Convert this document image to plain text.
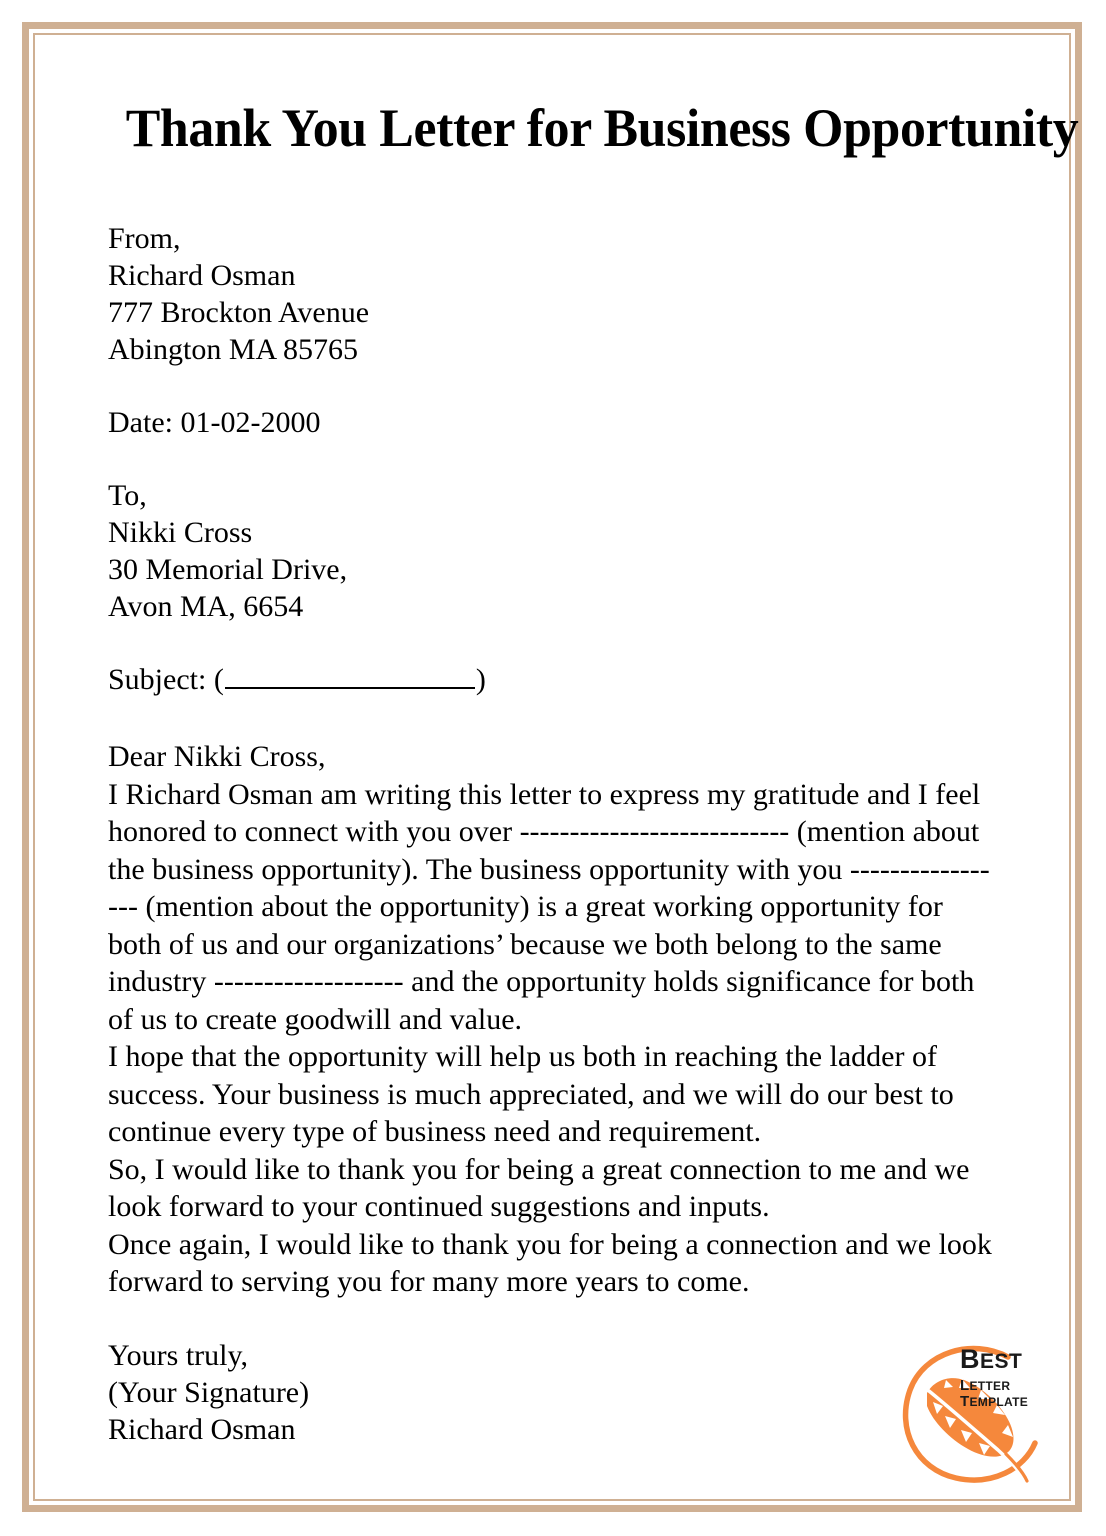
Thank You Letter for Business Opportunity
From,
Richard Osman
777 Brockton Avenue
Abington MA 85765
Date: 01-02-2000
To,
Nikki Cross
30 Memorial Drive,
Avon MA, 6654
Subject: (	)
Dear Nikki Cross,
I Richard Osman am writing this letter to express my gratitude and I feel honored to connect with you over --------------------------- (mention about the business opportunity). The business opportunity with you ----------------- (mention about the opportunity) is a great working opportunity for both of us and our organizations’ because we both belong to the same industry ------------------- and the opportunity holds significance for both of us to create goodwill and value.
I hope that the opportunity will help us both in reaching the ladder of success. Your business is much appreciated, and we will do our best to continue every type of business need and requirement.
So, I would like to thank you for being a great connection to me and we look forward to your continued suggestions and inputs.
Once again, I would like to thank you for being a connection and we look forward to serving you for many more years to come.
Yours truly,
(Your Signature)
Richard Osman
BEST
LETTER TEMPLATE
